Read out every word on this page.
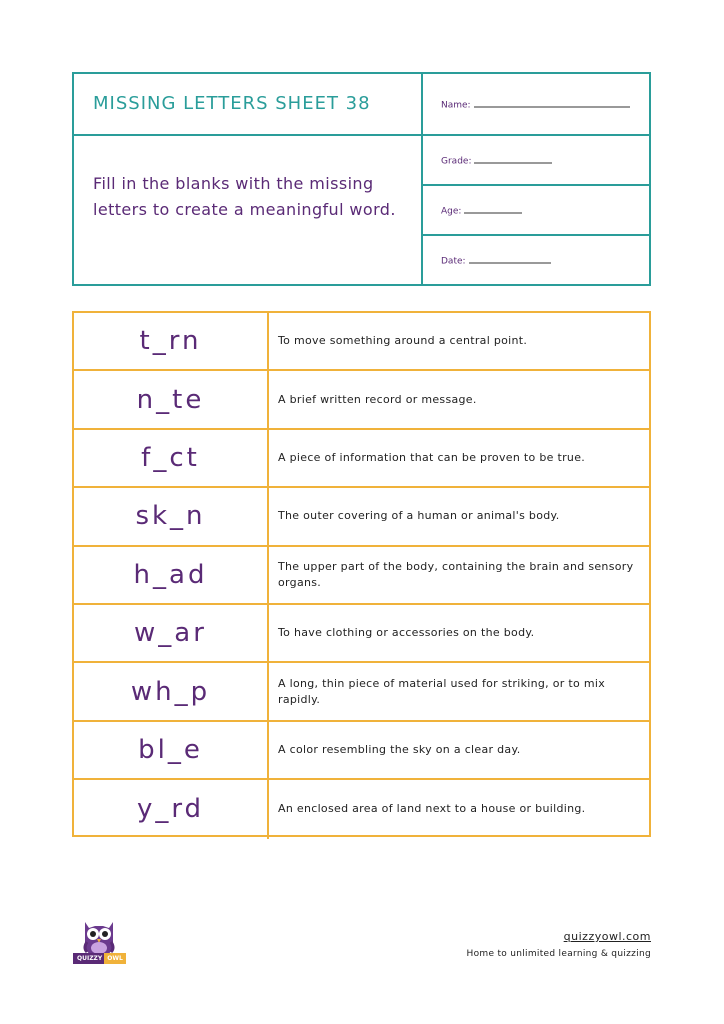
MISSING LETTERS SHEET 38

Fill in the blanks with the missing letters to create a meaningful word.

Name:
Grade:
Age:
Date:
t_rn	To move something around a central point.
n_te	A brief written record or message.
f_ct	A piece of information that can be proven to be true.
sk_n	The outer covering of a human or animal's body.
h_ad	The upper part of the body, containing the brain and sensory organs.
w_ar	To have clothing or accessories on the body.
wh_p	A long, thin piece of material used for striking, or to mix rapidly.
bl_e	A color resembling the sky on a clear day.
y_rd	An enclosed area of land next to a house or building.
QUIZZY OWL
quizzyowl.com
Home to unlimited learning & quizzing
